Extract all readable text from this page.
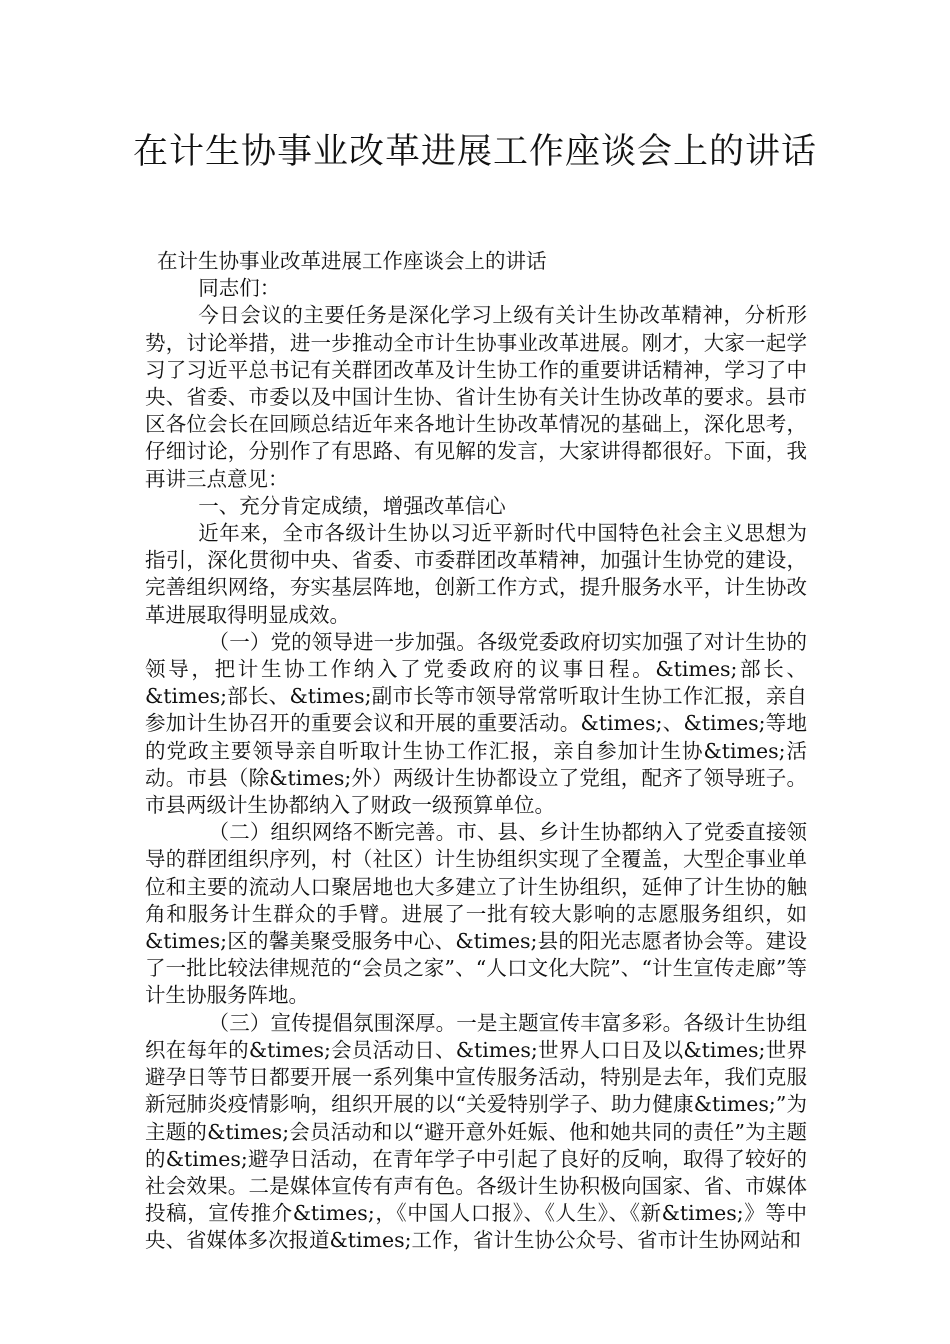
在计生协事业改革进展工作座谈会上的讲话

在计生协事业改革进展工作座谈会上的讲话

同志们：

今日会议的主要任务是深化学习上级有关计生协改革精神，分析形势，讨论举措，进一步推动全市计生协事业改革进展。刚才，大家一起学习了习近平总书记有关群团改革及计生协工作的重要讲话精神，学习了中央、省委、市委以及中国计生协、省计生协有关计生协改革的要求。县市区各位会长在回顾总结近年来各地计生协改革情况的基础上，深化思考，仔细讨论，分别作了有思路、有见解的发言，大家讲得都很好。下面，我再讲三点意见：

一、充分肯定成绩，增强改革信心

近年来，全市各级计生协以习近平新时代中国特色社会主义思想为指引，深化贯彻中央、省委、市委群团改革精神，加强计生协党的建设，完善组织网络，夯实基层阵地，创新工作方式，提升服务水平，计生协改革进展取得明显成效。

（一）党的领导进一步加强。各级党委政府切实加强了对计生协的领导，把计生协工作纳入了党委政府的议事日程。&times;部长、&times;部长、&times;副市长等市领导常常听取计生协工作汇报，亲自参加计生协召开的重要会议和开展的重要活动。&times;、&times;等地的党政主要领导亲自听取计生协工作汇报，亲自参加计生协&times;活动。市县（除&times;外）两级计生协都设立了党组，配齐了领导班子。市县两级计生协都纳入了财政一级预算单位。

（二）组织网络不断完善。市、县、乡计生协都纳入了党委直接领导的群团组织序列，村（社区）计生协组织实现了全覆盖，大型企事业单位和主要的流动人口聚居地也大多建立了计生协组织，延伸了计生协的触角和服务计生群众的手臂。进展了一批有较大影响的志愿服务组织，如&times;区的馨美聚受服务中心、&times;县的阳光志愿者协会等。建设了一批比较法律规范的“会员之家”、“人口文化大院”、“计生宣传走廊”等计生协服务阵地。

（三）宣传提倡氛围深厚。一是主题宣传丰富多彩。各级计生协组织在每年的&times;会员活动日、&times;世界人口日及以&times;世界避孕日等节日都要开展一系列集中宣传服务活动，特别是去年，我们克服新冠肺炎疫情影响，组织开展的以“关爱特别学子、助力健康&times;”为主题的&times;会员活动和以“避开意外妊娠、他和她共同的责任”为主题的&times;避孕日活动，在青年学子中引起了良好的反响，取得了较好的社会效果。二是媒体宣传有声有色。各级计生协积极向国家、省、市媒体投稿，宣传推介&times;，《中国人口报》、《人生》、《新&times;》等中央、省媒体多次报道&times;工作，省计生协公众号、省市计生协网站和
